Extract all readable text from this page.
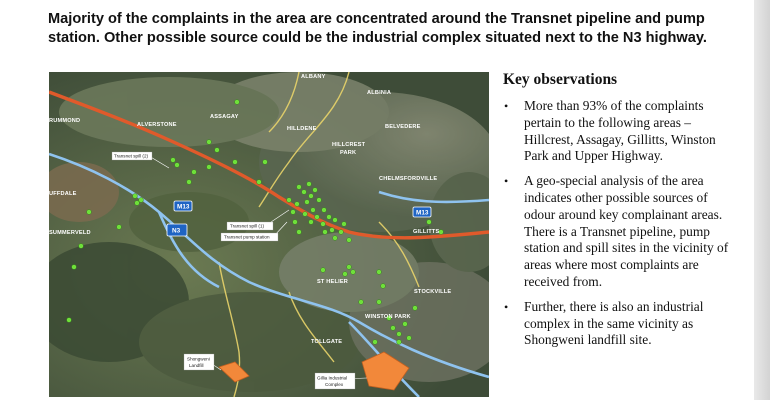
Majority of the complaints in the area are concentrated around the Transnet pipeline and pump station. Other possible source could be the industrial complex situated next to the N3 highway.
ALBANY
ALBINIA
RUMMOND
ALVERSTONE
ASSAGAY
HILLDENE	BELVEDERE
HILLCREST
PARK
CHELMSFORDVILLE
UFFDALE
GILLITTS
SUMMERVELD
ST HELIER
STOCKVILLE
WINSTON PARK
TOLLGATE
M13
N3
M13
Transnet spill (2)
Transnet spill (1)
Transnet pump station
Shongweni
Landfill
Gillia Industrial
Complex
Key observations
• More than 93% of the complaints pertain to the following areas – Hillcrest, Assagay, Gillitts, Winston Park and Upper Highway.
• A geo-special analysis of the area indicates other possible sources of odour around key complainant areas. There is a Transnet pipeline, pump station and spill sites in the vicinity of areas where most complaints are received from.
• Further, there is also an industrial complex in the same vicinity as Shongweni landfill site.
